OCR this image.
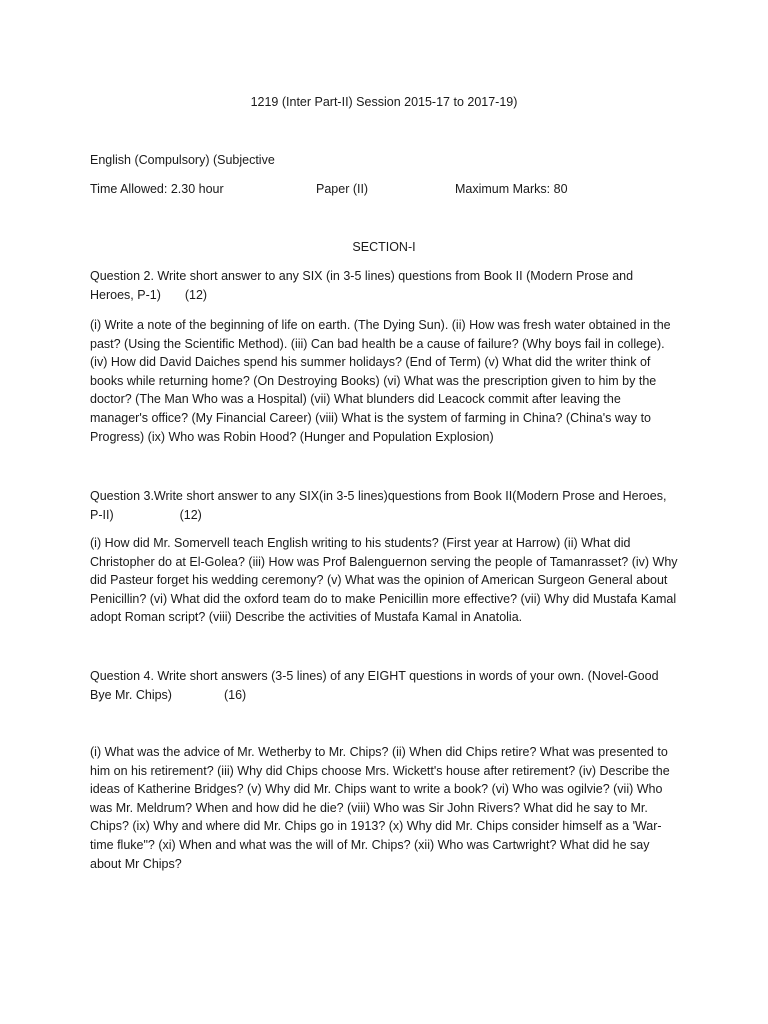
1219 (Inter Part-II) Session 2015-17 to 2017-19)

English (Compulsory) (Subjective

Time Allowed: 2.30 hour	Paper (II)	Maximum Marks: 80

SECTION-I

Question 2. Write short answer to any SIX (in 3-5 lines) questions from Book II (Modern Prose and Heroes, P-1) (12)

(i) Write a note of the beginning of life on earth. (The Dying Sun). (ii) How was fresh water obtained in the past? (Using the Scientific Method). (iii) Can bad health be a cause of failure? (Why boys fail in college). (iv) How did David Daiches spend his summer holidays? (End of Term) (v) What did the writer think of books while returning home? (On Destroying Books) (vi) What was the prescription given to him by the doctor? (The Man Who was a Hospital) (vii) What blunders did Leacock commit after leaving the manager's office? (My Financial Career) (viii) What is the system of farming in China? (China's way to Progress) (ix) Who was Robin Hood? (Hunger and Population Explosion)

Question 3.Write short answer to any SIX(in 3-5 lines)questions from Book II(Modern Prose and Heroes, P-II)	(12)

(i) How did Mr. Somervell teach English writing to his students? (First year at Harrow) (ii) What did Christopher do at El-Golea? (iii) How was Prof Balenguernon serving the people of Tamanrasset? (iv) Why did Pasteur forget his wedding ceremony? (v) What was the opinion of American Surgeon General about Penicillin? (vi) What did the oxford team do to make Penicillin more effective? (vii) Why did Mustafa Kamal adopt Roman script? (viii) Describe the activities of Mustafa Kamal in Anatolia.

Question 4. Write short answers (3-5 lines) of any EIGHT questions in words of your own. (Novel-Good Bye Mr. Chips)	(16)

(i) What was the advice of Mr. Wetherby to Mr. Chips? (ii) When did Chips retire? What was presented to him on his retirement? (iii) Why did Chips choose Mrs. Wickett's house after retirement? (iv) Describe the ideas of Katherine Bridges? (v) Why did Mr. Chips want to write a book? (vi) Who was ogilvie? (vii) Who was Mr. Meldrum? When and how did he die? (viii) Who was Sir John Rivers? What did he say to Mr. Chips? (ix) Why and where did Mr. Chips go in 1913? (x) Why did Mr. Chips consider himself as a 'War-time fluke"? (xi) When and what was the will of Mr. Chips? (xii) Who was Cartwright? What did he say about Mr Chips?
